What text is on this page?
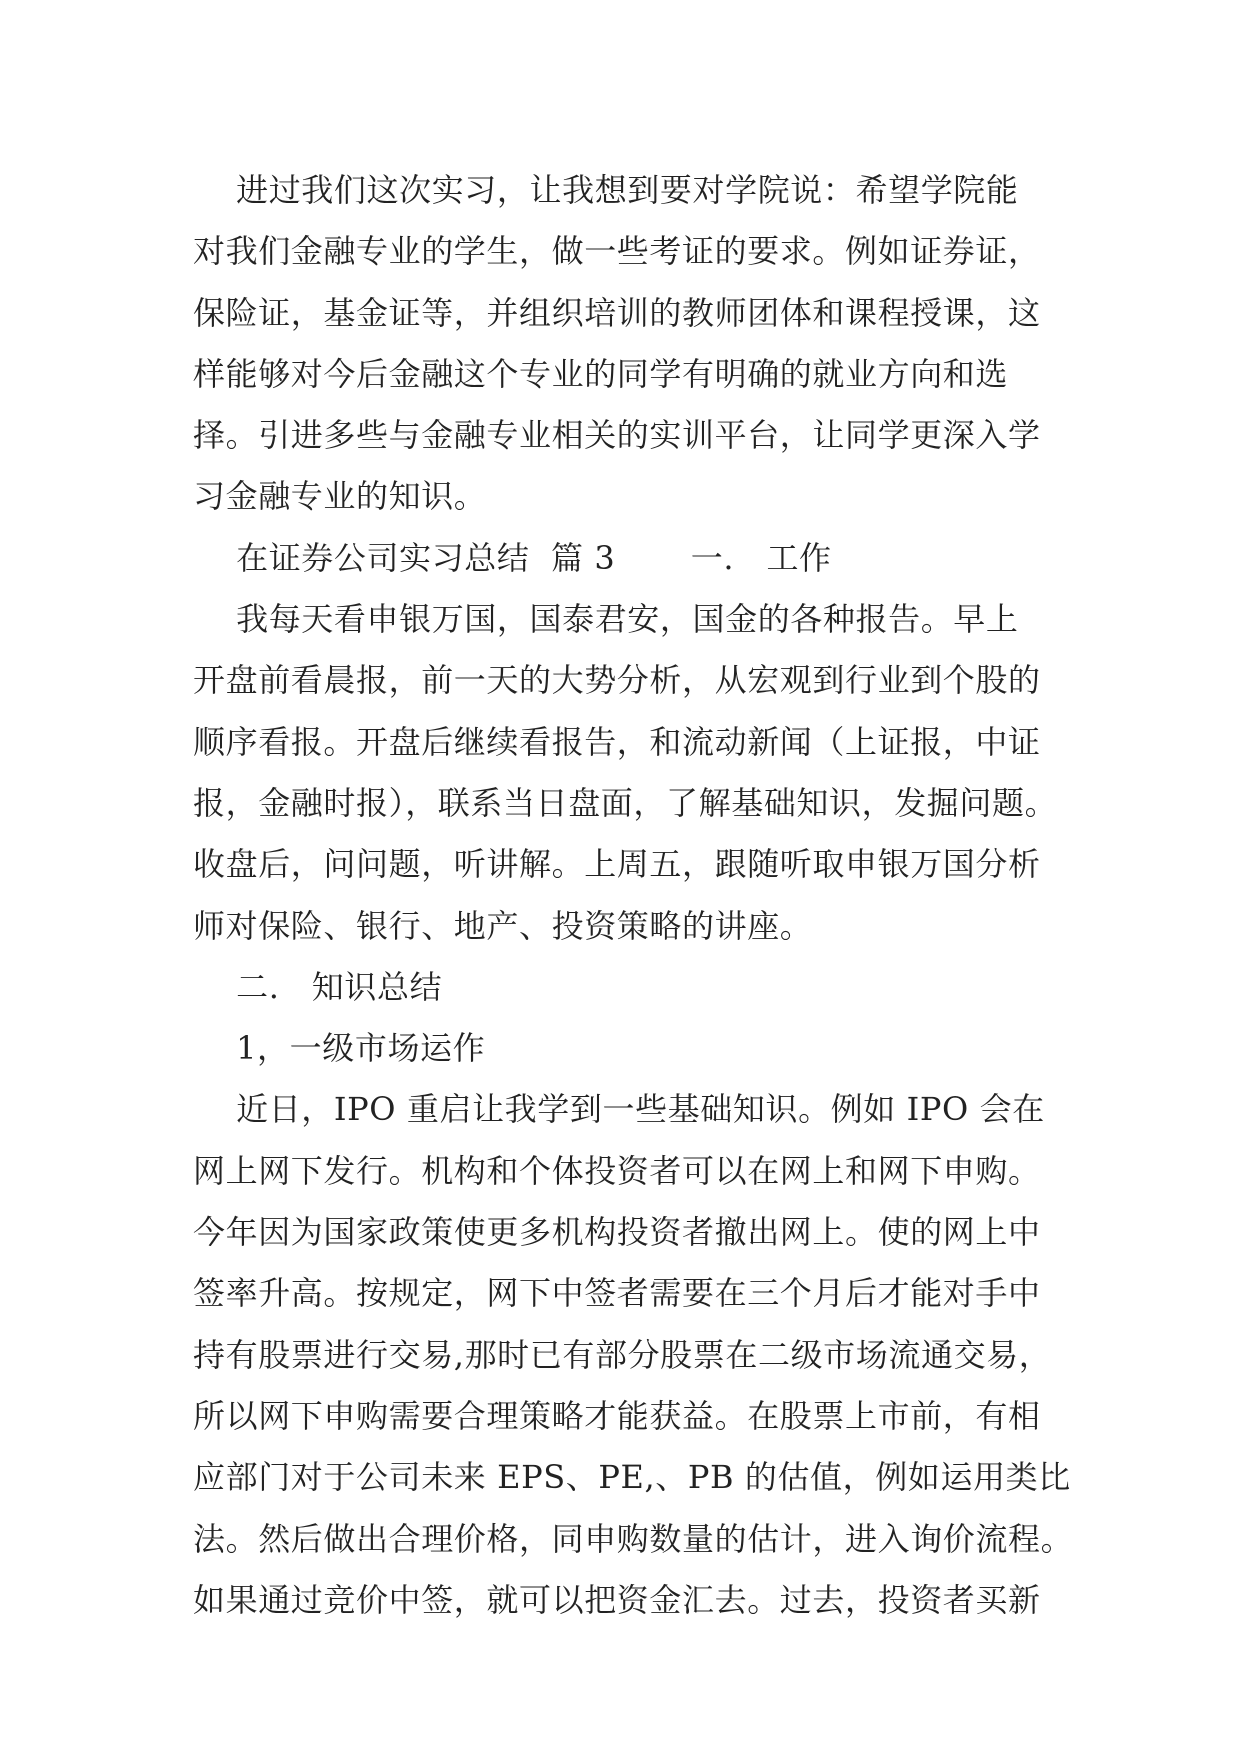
进过我们这次实习，让我想到要对学院说：希望学院能
对我们金融专业的学生，做一些考证的要求。例如证券证，
保险证，基金证等，并组织培训的教师团体和课程授课，这
样能够对今后金融这个专业的同学有明确的就业方向和选
择。引进多些与金融专业相关的实训平台，让同学更深入学
习金融专业的知识。
在证券公司实习总结  篇 3       一.   工作
我每天看申银万国，国泰君安，国金的各种报告。早上
开盘前看晨报，前一天的大势分析，从宏观到行业到个股的
顺序看报。开盘后继续看报告，和流动新闻（上证报，中证
报，金融时报），联系当日盘面，了解基础知识，发掘问题。
收盘后，问问题，听讲解。上周五，跟随听取申银万国分析
师对保险、银行、地产、投资策略的讲座。
二.   知识总结
1，一级市场运作
近日，IPO 重启让我学到一些基础知识。例如 IPO 会在
网上网下发行。机构和个体投资者可以在网上和网下申购。
今年因为国家政策使更多机构投资者撤出网上。使的网上中
签率升高。按规定，网下中签者需要在三个月后才能对手中
持有股票进行交易,那时已有部分股票在二级市场流通交易，
所以网下申购需要合理策略才能获益。在股票上市前，有相
应部门对于公司未来 EPS、PE,、PB 的估值，例如运用类比
法。然后做出合理价格，同申购数量的估计，进入询价流程。
如果通过竞价中签，就可以把资金汇去。过去，投资者买新
